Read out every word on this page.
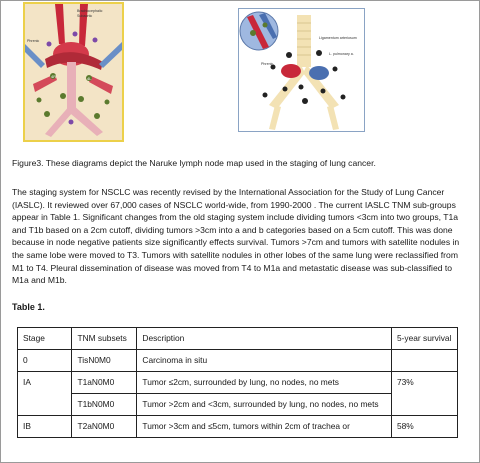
4R	4L
Brachiocephalic
Subaortic
Phrenic
Ligamentum arteriosum
L. pulmonary a.
Phrenic

Figure3. These diagrams depict the Naruke lymph node map used in the staging of lung cancer.

The staging system for NSCLC was recently revised by the International Association for the Study of Lung Cancer (IASLC). It reviewed over 67,000 cases of NSCLC world-wide, from 1990-2000 . The current IASLC TNM sub-groups appear in Table 1. Significant changes from the old staging system include dividing tumors <3cm into two groups, T1a and T1b based on a 2cm cutoff, dividing tumors >3cm into a and b categories based on a 5cm cutoff. This was done because in node negative patients size significantly effects survival. Tumors >7cm and tumors with satellite nodules in the same lobe were moved to T3. Tumors with satellite nodules in other lobes of the same lung were reclassified from M1 to T4. Pleural dissemination of disease was moved from T4 to M1a and metastatic disease was sub-classified to M1a and M1b.

Table 1.

Stage	TNM subsets	Description	5-year survival
0	TisN0M0	Carcinoma in situ	
IA	T1aN0M0	Tumor ≤2cm, surrounded by lung, no nodes, no mets	73%
	T1bN0M0	Tumor >2cm and <3cm, surrounded by lung, no nodes, no mets	
IB	T2aN0M0	Tumor >3cm and ≤5cm, tumors within 2cm of trachea or	58%
